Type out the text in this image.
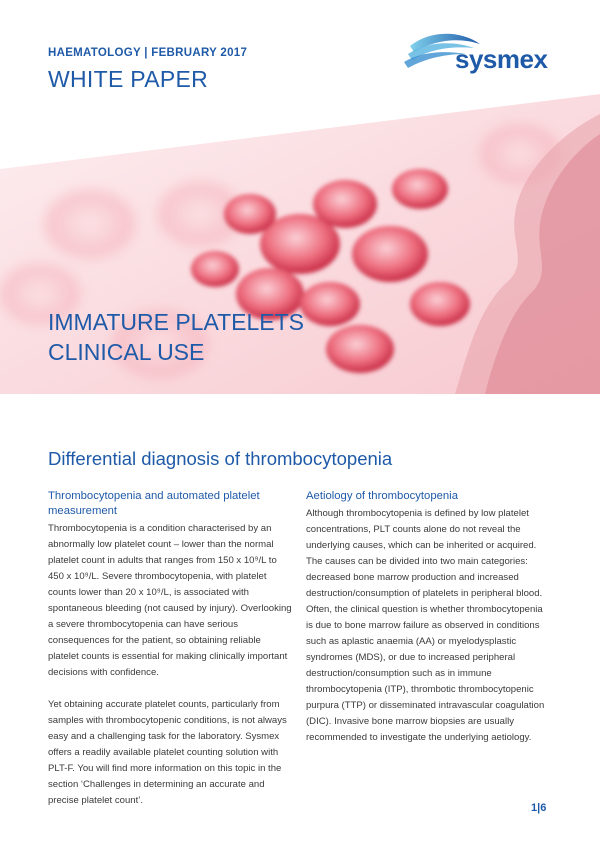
HAEMATOLOGY | FEBRUARY 2017
WHITE PAPER
sysmex
IMMATURE PLATELETS
CLINICAL USE
Differential diagnosis of thrombocytopenia

Thrombocytopenia and automated platelet measurement

Thrombocytopenia is a condition characterised by an abnormally low platelet count – lower than the normal platelet count in adults that ranges from 150 x 10⁹/L to 450 x 10⁹/L. Severe thrombocytopenia, with platelet counts lower than 20 x 10⁹/L, is associated with spontaneous bleeding (not caused by injury). Overlooking a severe thrombocytopenia can have serious consequences for the patient, so obtaining reliable platelet counts is essential for making clinically important decisions with confidence.

Yet obtaining accurate platelet counts, particularly from samples with thrombocytopenic conditions, is not always easy and a challenging task for the laboratory. Sysmex offers a readily available platelet counting solution with PLT-F. You will find more information on this topic in the section ‘Challenges in determining an accurate and precise platelet count’.

Aetiology of thrombocytopenia

Although thrombocytopenia is defined by low platelet concentrations, PLT counts alone do not reveal the underlying causes, which can be inherited or acquired. The causes can be divided into two main categories: decreased bone marrow production and increased destruction/consumption of platelets in peripheral blood. Often, the clinical question is whether thrombocytopenia is due to bone marrow failure as observed in conditions such as aplastic anaemia (AA) or myelodysplastic syndromes (MDS), or due to increased peripheral destruction/consumption such as in immune thrombocytopenia (ITP), thrombotic thrombocytopenic purpura (TTP) or disseminated intravascular coagulation (DIC). Invasive bone marrow biopsies are usually recommended to investigate the underlying aetiology.

1|6
